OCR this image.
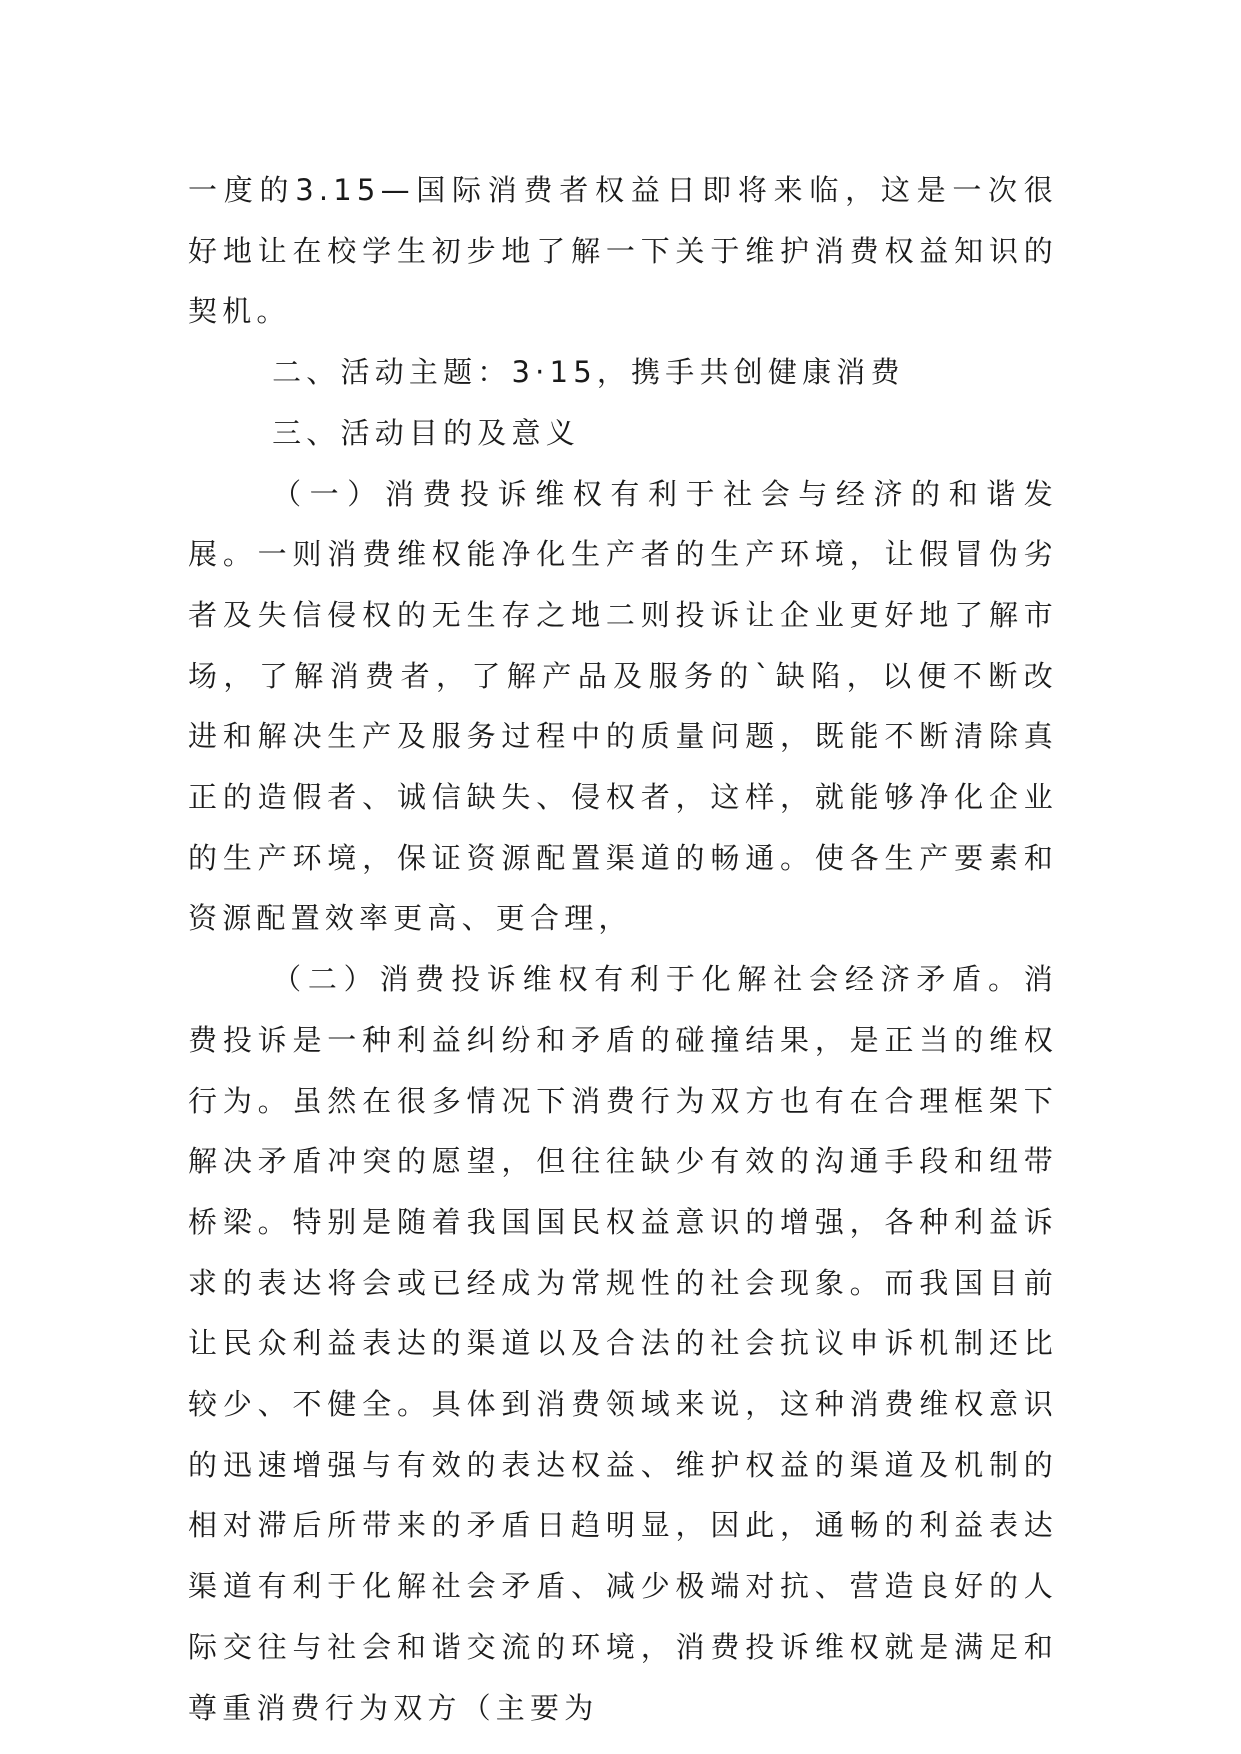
一度的3.15—国际消费者权益日即将来临，这是一次很好地让在校学生初步地了解一下关于维护消费权益知识的契机。

二、活动主题：3·15，携手共创健康消费

三、活动目的及意义

（一）消费投诉维权有利于社会与经济的和谐发展。一则消费维权能净化生产者的生产环境，让假冒伪劣者及失信侵权的无生存之地二则投诉让企业更好地了解市场，了解消费者，了解产品及服务的`缺陷，以便不断改进和解决生产及服务过程中的质量问题，既能不断清除真正的造假者、诚信缺失、侵权者，这样，就能够净化企业的生产环境，保证资源配置渠道的畅通。使各生产要素和资源配置效率更高、更合理，

（二）消费投诉维权有利于化解社会经济矛盾。消费投诉是一种利益纠纷和矛盾的碰撞结果，是正当的维权行为。虽然在很多情况下消费行为双方也有在合理框架下解决矛盾冲突的愿望，但往往缺少有效的沟通手段和纽带桥梁。特别是随着我国国民权益意识的增强，各种利益诉求的表达将会或已经成为常规性的社会现象。而我国目前让民众利益表达的渠道以及合法的社会抗议申诉机制还比较少、不健全。具体到消费领域来说，这种消费维权意识的迅速增强与有效的表达权益、维护权益的渠道及机制的相对滞后所带来的矛盾日趋明显，因此，通畅的利益表达渠道有利于化解社会矛盾、减少极端对抗、营造良好的人际交往与社会和谐交流的环境，消费投诉维权就是满足和尊重消费行为双方（主要为
